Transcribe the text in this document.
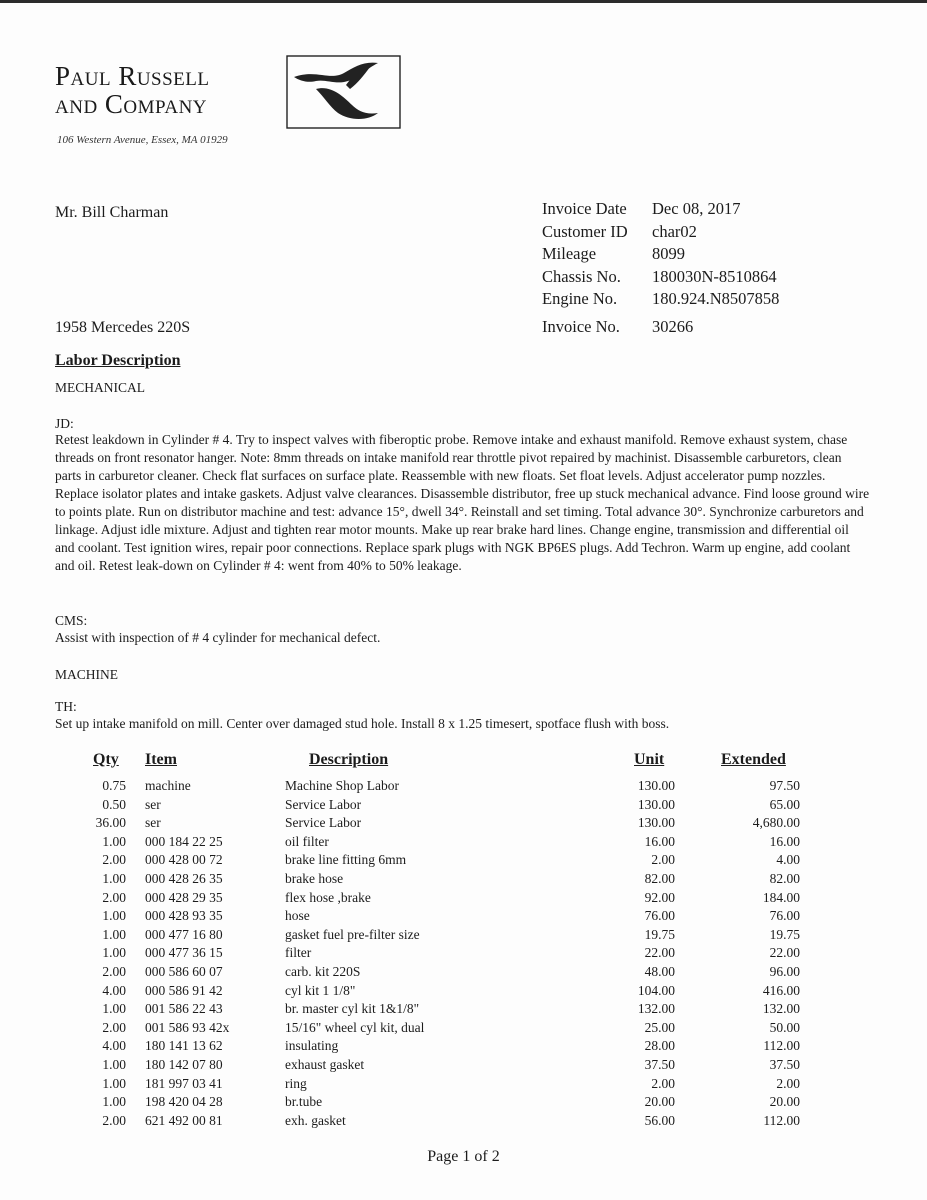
Paul Russell
and Company
106 Western Avenue, Essex, MA 01929
Mr. Bill Charman	Invoice Date	Dec 08, 2017
Customer ID	char02
Mileage	8099
Chassis No.	180030N-8510864
Engine No.	180.924.N8507858
Invoice No.	30266
1958 Mercedes 220S
Labor Description
MECHANICAL
JD:
Retest leakdown in Cylinder # 4. Try to inspect valves with fiberoptic probe. Remove intake and exhaust manifold. Remove exhaust system, chase threads on front resonator hanger. Note: 8mm threads on intake manifold rear throttle pivot repaired by machinist. Disassemble carburetors, clean parts in carburetor cleaner. Check flat surfaces on surface plate. Reassemble with new floats. Set float levels. Adjust accelerator pump nozzles. Replace isolator plates and intake gaskets. Adjust valve clearances. Disassemble distributor, free up stuck mechanical advance. Find loose ground wire to points plate. Run on distributor machine and test: advance 15°, dwell 34°. Reinstall and set timing. Total advance 30°. Synchronize carburetors and linkage. Adjust idle mixture. Adjust and tighten rear motor mounts. Make up rear brake hard lines. Change engine, transmission and differential oil and coolant. Test ignition wires, repair poor connections. Replace spark plugs with NGK BP6ES plugs. Add Techron. Warm up engine, add coolant and oil. Retest leak-down on Cylinder # 4: went from 40% to 50% leakage.
CMS:
Assist with inspection of # 4 cylinder for mechanical defect.
MACHINE
TH:
Set up intake manifold on mill. Center over damaged stud hole. Install 8 x 1.25 timesert, spotface flush with boss.
Qty Item	Description	Unit	Extended
0.75 machine	Machine Shop Labor	130.00	97.50
0.50 ser	Service Labor	130.00	65.00
36.00 ser	Service Labor	130.00	4,680.00
1.00 000 184 22 25	oil filter	16.00	16.00
2.00 000 428 00 72	brake line fitting 6mm	2.00	4.00
1.00 000 428 26 35	brake hose	82.00	82.00
2.00 000 428 29 35	flex hose ,brake	92.00	184.00
1.00 000 428 93 35	hose	76.00	76.00
1.00 000 477 16 80	gasket fuel pre-filter size	19.75	19.75
1.00 000 477 36 15	filter	22.00	22.00
2.00 000 586 60 07	carb. kit 220S	48.00	96.00
4.00 000 586 91 42	cyl kit 1 1/8"	104.00	416.00
1.00 001 586 22 43	br. master cyl kit 1&1/8"	132.00	132.00
2.00 001 586 93 42x	15/16" wheel cyl kit, dual	25.00	50.00
4.00 180 141 13 62	insulating	28.00	112.00
1.00 180 142 07 80	exhaust gasket	37.50	37.50
1.00 181 997 03 41	ring	2.00	2.00
1.00 198 420 04 28	br.tube	20.00	20.00
2.00 621 492 00 81	exh. gasket	56.00	112.00
Page 1 of 2
